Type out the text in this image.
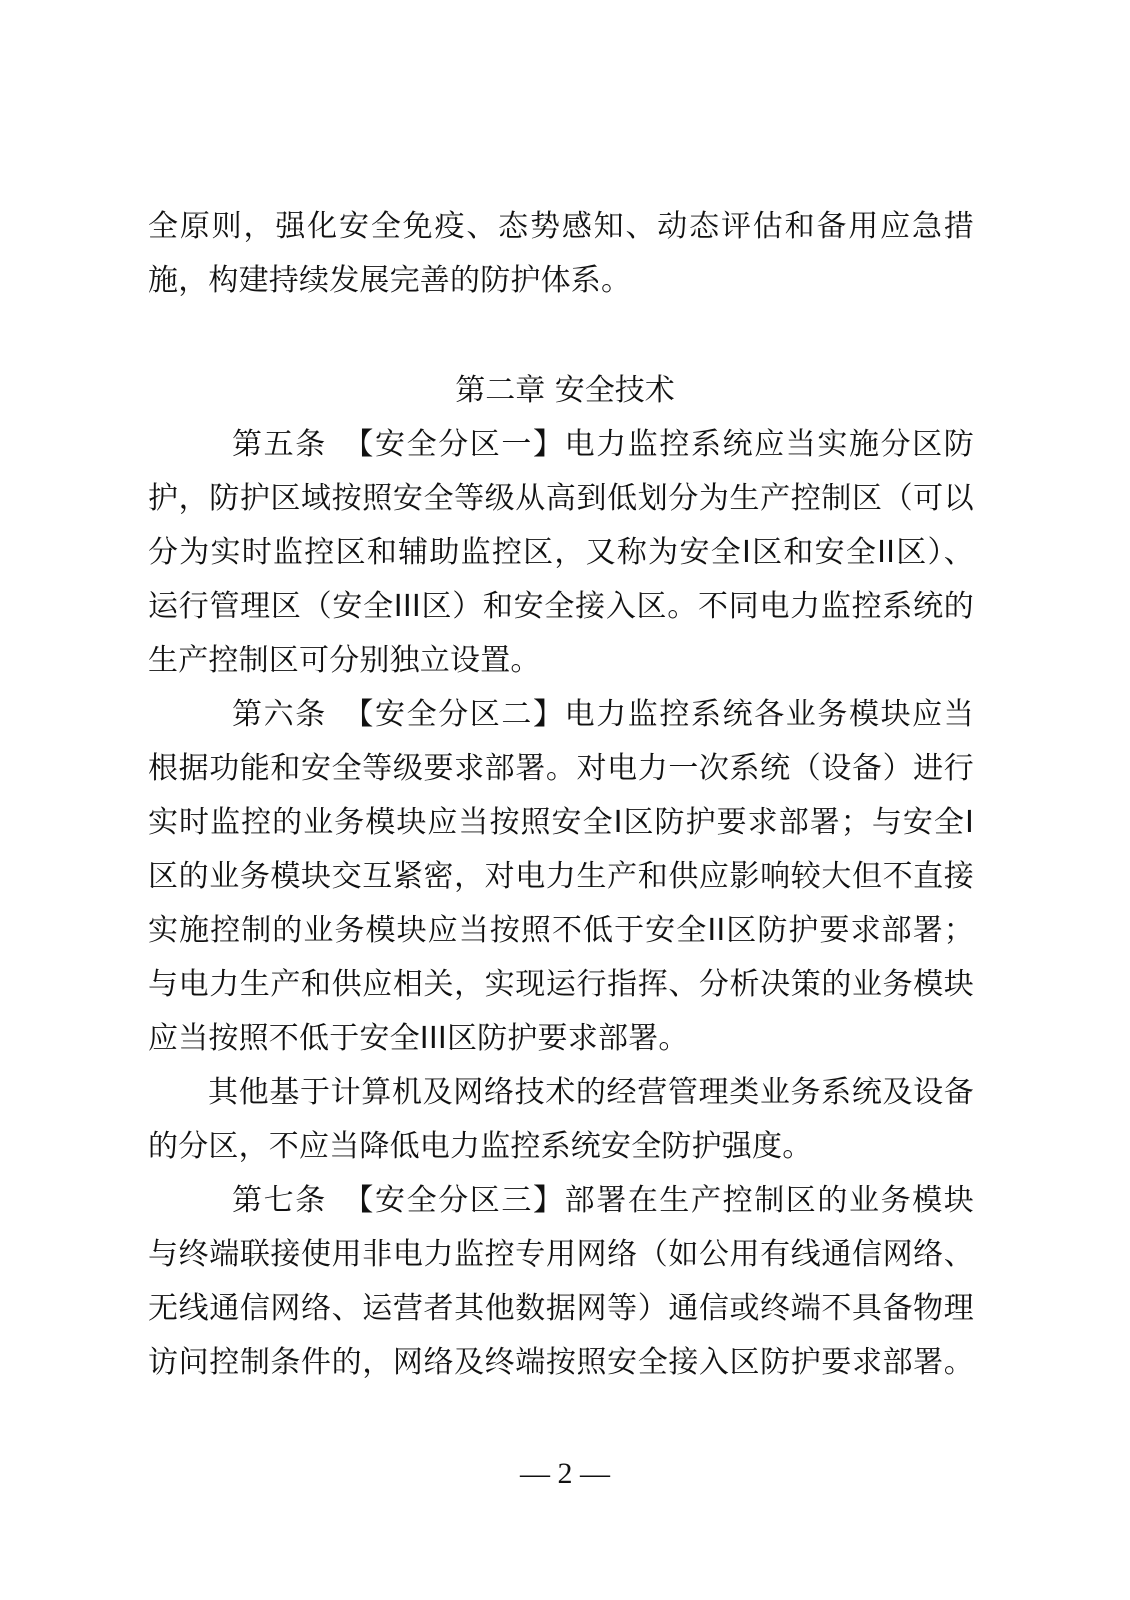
全原则，强化安全免疫、态势感知、动态评估和备用应急措
施，构建持续发展完善的防护体系。
第二章 安全技术
第五条　【安全分区一】电力监控系统应当实施分区防
护，防护区域按照安全等级从高到低划分为生产控制区（可以
分为实时监控区和辅助监控区，又称为安全I区和安全II区）、
运行管理区（安全III区）和安全接入区。不同电力监控系统的
生产控制区可分别独立设置。
第六条　【安全分区二】电力监控系统各业务模块应当
根据功能和安全等级要求部署。对电力一次系统（设备）进行
实时监控的业务模块应当按照安全I区防护要求部署；与安全I
区的业务模块交互紧密，对电力生产和供应影响较大但不直接
实施控制的业务模块应当按照不低于安全II区防护要求部署；
与电力生产和供应相关，实现运行指挥、分析决策的业务模块
应当按照不低于安全III区防护要求部署。
其他基于计算机及网络技术的经营管理类业务系统及设备
的分区，不应当降低电力监控系统安全防护强度。
第七条　【安全分区三】部署在生产控制区的业务模块
与终端联接使用非电力监控专用网络（如公用有线通信网络、
无线通信网络、运营者其他数据网等）通信或终端不具备物理
访问控制条件的，网络及终端按照安全接入区防护要求部署。
— 2 —
